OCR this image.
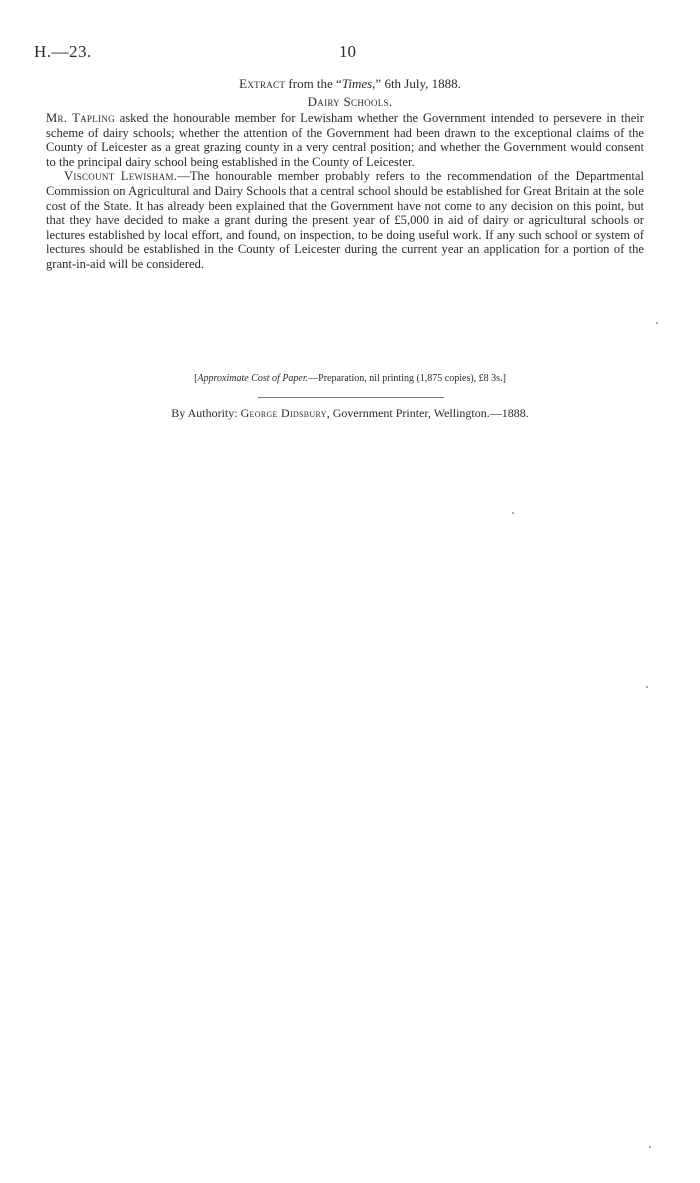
H.—23.	10
Extract from the “Times,” 6th July, 1888.
Dairy Schools.

Mr. Tapling asked the honourable member for Lewisham whether the Government intended to persevere in their scheme of dairy schools; whether the attention of the Government had been drawn to the exceptional claims of the County of Leicester as a great grazing county in a very central position; and whether the Government would consent to the principal dairy school being established in the County of Leicester.

Viscount Lewisham.—The honourable member probably refers to the recommendation of the Departmental Commission on Agricultural and Dairy Schools that a central school should be established for Great Britain at the sole cost of the State. It has already been explained that the Government have not come to any decision on this point, but that they have decided to make a grant during the present year of £5,000 in aid of dairy or agricultural schools or lectures established by local effort, and found, on inspection, to be doing useful work. If any such school or system of lectures should be established in the County of Leicester during the current year an application for a portion of the grant-in-aid will be considered.

[Approximate Cost of Paper.—Preparation, nil printing (1,875 copies), £8 3s.]
By Authority: George Didsbury, Government Printer, Wellington.—1888.
